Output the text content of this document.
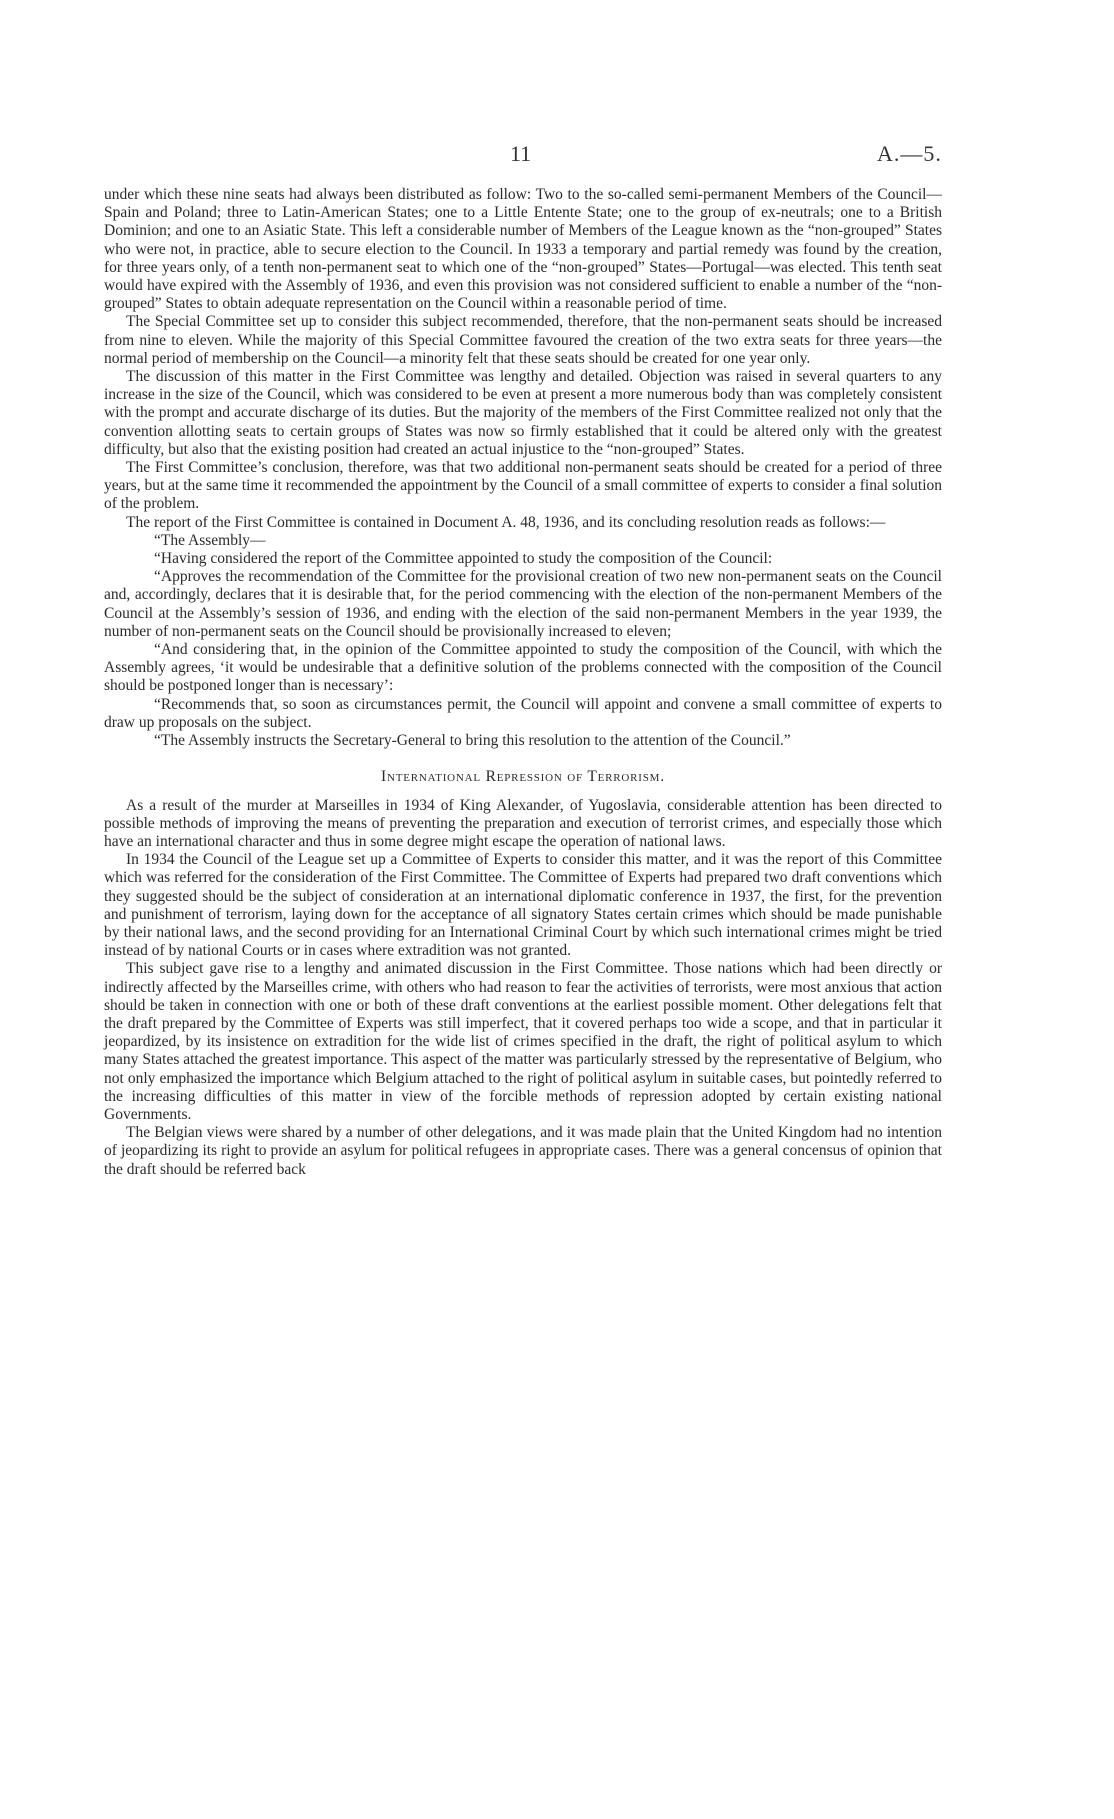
11	A.—5.

under which these nine seats had always been distributed as follow: Two to the so-called semi-permanent Members of the Council—Spain and Poland; three to Latin-American States; one to a Little Entente State; one to the group of ex-neutrals; one to a British Dominion; and one to an Asiatic State. This left a considerable number of Members of the League known as the “non-grouped” States who were not, in practice, able to secure election to the Council. In 1933 a temporary and partial remedy was found by the creation, for three years only, of a tenth non-permanent seat to which one of the “non-grouped” States—Portugal—was elected. This tenth seat would have expired with the Assembly of 1936, and even this provision was not considered sufficient to enable a number of the “non-grouped” States to obtain adequate representation on the Council within a reasonable period of time.

The Special Committee set up to consider this subject recommended, therefore, that the non-permanent seats should be increased from nine to eleven. While the majority of this Special Committee favoured the creation of the two extra seats for three years—the normal period of membership on the Council—a minority felt that these seats should be created for one year only.

The discussion of this matter in the First Committee was lengthy and detailed. Objection was raised in several quarters to any increase in the size of the Council, which was considered to be even at present a more numerous body than was completely consistent with the prompt and accurate discharge of its duties. But the majority of the members of the First Committee realized not only that the convention allotting seats to certain groups of States was now so firmly established that it could be altered only with the greatest difficulty, but also that the existing position had created an actual injustice to the “non-grouped” States.

The First Committee’s conclusion, therefore, was that two additional non-permanent seats should be created for a period of three years, but at the same time it recommended the appointment by the Council of a small committee of experts to consider a final solution of the problem.

The report of the First Committee is contained in Document A. 48, 1936, and its concluding resolution reads as follows:—

“The Assembly—

“Having considered the report of the Committee appointed to study the composition of the Council:

“Approves the recommendation of the Committee for the provisional creation of two new non-permanent seats on the Council and, accordingly, declares that it is desirable that, for the period commencing with the election of the non-permanent Members of the Council at the Assembly’s session of 1936, and ending with the election of the said non-permanent Members in the year 1939, the number of non-permanent seats on the Council should be provisionally increased to eleven;

“And considering that, in the opinion of the Committee appointed to study the composition of the Council, with which the Assembly agrees, ‘it would be undesirable that a definitive solution of the problems connected with the composition of the Council should be postponed longer than is necessary’:

“Recommends that, so soon as circumstances permit, the Council will appoint and convene a small committee of experts to draw up proposals on the subject.

“The Assembly instructs the Secretary-General to bring this resolution to the attention of the Council.”

International Repression of Terrorism.

As a result of the murder at Marseilles in 1934 of King Alexander, of Yugoslavia, considerable attention has been directed to possible methods of improving the means of preventing the preparation and execution of terrorist crimes, and especially those which have an international character and thus in some degree might escape the operation of national laws.

In 1934 the Council of the League set up a Committee of Experts to consider this matter, and it was the report of this Committee which was referred for the consideration of the First Committee. The Committee of Experts had prepared two draft conventions which they suggested should be the subject of consideration at an international diplomatic conference in 1937, the first, for the prevention and punishment of terrorism, laying down for the acceptance of all signatory States certain crimes which should be made punishable by their national laws, and the second providing for an International Criminal Court by which such international crimes might be tried instead of by national Courts or in cases where extradition was not granted.

This subject gave rise to a lengthy and animated discussion in the First Committee. Those nations which had been directly or indirectly affected by the Marseilles crime, with others who had reason to fear the activities of terrorists, were most anxious that action should be taken in connection with one or both of these draft conventions at the earliest possible moment. Other delegations felt that the draft prepared by the Committee of Experts was still imperfect, that it covered perhaps too wide a scope, and that in particular it jeopardized, by its insistence on extradition for the wide list of crimes specified in the draft, the right of political asylum to which many States attached the greatest importance. This aspect of the matter was particularly stressed by the representative of Belgium, who not only emphasized the importance which Belgium attached to the right of political asylum in suitable cases, but pointedly referred to the increasing difficulties of this matter in view of the forcible methods of repression adopted by certain existing national Governments.

The Belgian views were shared by a number of other delegations, and it was made plain that the United Kingdom had no intention of jeopardizing its right to provide an asylum for political refugees in appropriate cases. There was a general concensus of opinion that the draft should be referred back
